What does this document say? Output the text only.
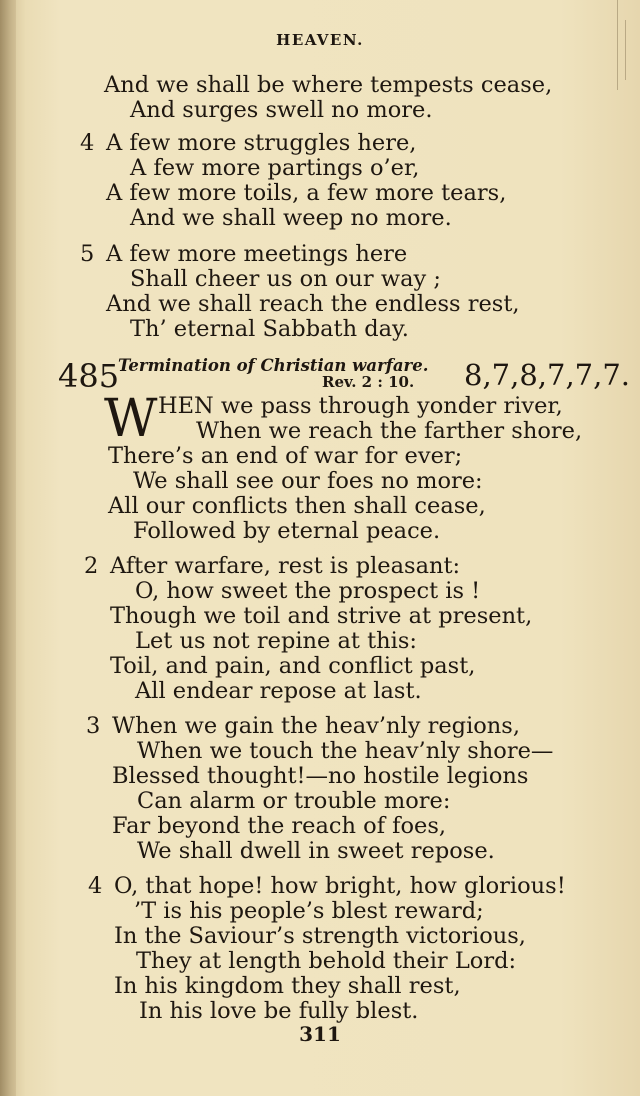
HEAVEN.
And we shall be where tempests cease,
And surges swell no more.
4 A few more struggles here,
A few more partings o’er,
A few more toils, a few more tears,
And we shall weep no more.
5 A few more meetings here
Shall cheer us on our way ;
And we shall reach the endless rest,
Th’ eternal Sabbath day.
485
Termination of Christian warfare.
Rev. 2 : 10. 8,7,8,7,7,7.
W HEN we pass through yonder river,
When we reach the farther shore,
There’s an end of war for ever;
We shall see our foes no more:
All our conflicts then shall cease,
Followed by eternal peace.
2 After warfare, rest is pleasant:
O, how sweet the prospect is !
Though we toil and strive at present,
Let us not repine at this:
Toil, and pain, and conflict past,
All endear repose at last.
3 When we gain the heav’nly regions,
When we touch the heav’nly shore—
Blessed thought!—no hostile legions
Can alarm or trouble more:
Far beyond the reach of foes,
We shall dwell in sweet repose.
4 O, that hope! how bright, how glorious!
’T is his people’s blest reward;
In the Saviour’s strength victorious,
They at length behold their Lord:
In his kingdom they shall rest,
In his love be fully blest.
311
